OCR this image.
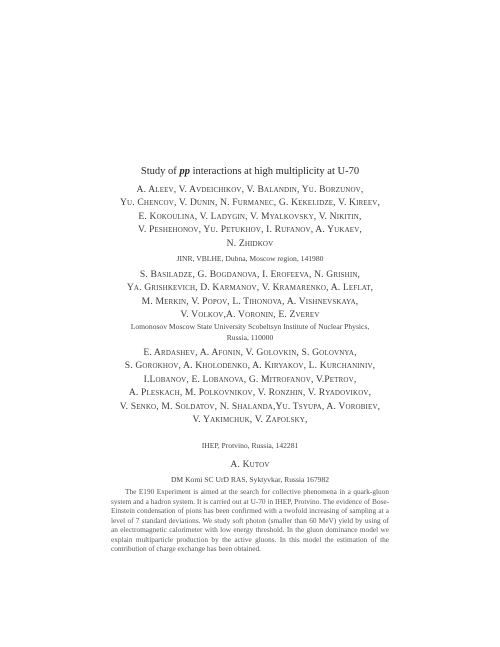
Study of pp interactions at high multiplicity at U-70
A. Aleev, V. Avdeichikov, V. Balandin, Yu. Borzunov,
Yu. Chencov, V. Dunin, N. Furmanec, G. Kekelidze, V. Kireev,
E. Kokoulina, V. Ladygin, V. Myalkovsky, V. Nikitin,
V. Peshehonov, Yu. Petukhov, I. Rufanov, A. Yukaev,
N. Zhidkov
JINR, VBLHE, Dubna, Moscow region, 141980
S. Basiladze, G. Bogdanova, I. Erofeeva, N. Grishin,
Ya. Grishkevich, D. Karmanov, V. Kramarenko, A. Leflat,
M. Merkin, V. Popov, L. Tihonova, A. Vishnevskaya,
V. Volkov,A. Voronin, E. Zverev
Lomonosov Moscow State University Scobeltsyn Institute of Nuclear Physics,
Russia, 110000
E. Ardashev, A. Afonin, V. Golovkin, S. Golovnya,
S. Gorokhov, A. Kholodenko, A. Kiryakov, L. Kurchaniniv,
I.Lobanov, E. Lobanova, G. Mitrofanov, V.Petrov,
A. Pleskach, M. Polkovnikov, V. Ronzhin, V. Ryadovikov,
V. Senko, M. Soldatov, N. Shalanda,Yu. Tsyupa, A. Vorobiev,
V. Yakimchuk, V. Zapolsky,
IHEP, Protvino, Russia, 142281
A. Kutov
DM Komi SC UrD RAS, Syktyvkar, Russia 167982
The E190 Experiment is aimed at the search for collective phenomena in a quark-gluon system and a hadron system. It is carried out at U-70 in IHEP, Protvino. The evidence of Bose-Einstein condensation of pions has been confirmed with a twofold increasing of sampling at a level of 7 standard deviations. We study soft photon (smaller than 60 MeV) yield by using of an electromagnetic calorimeter with low energy threshold. In the gluon dominance model we explain multiparticle production by the active gluons. In this model the estimation of the contribution of charge exchange has been obtained.
